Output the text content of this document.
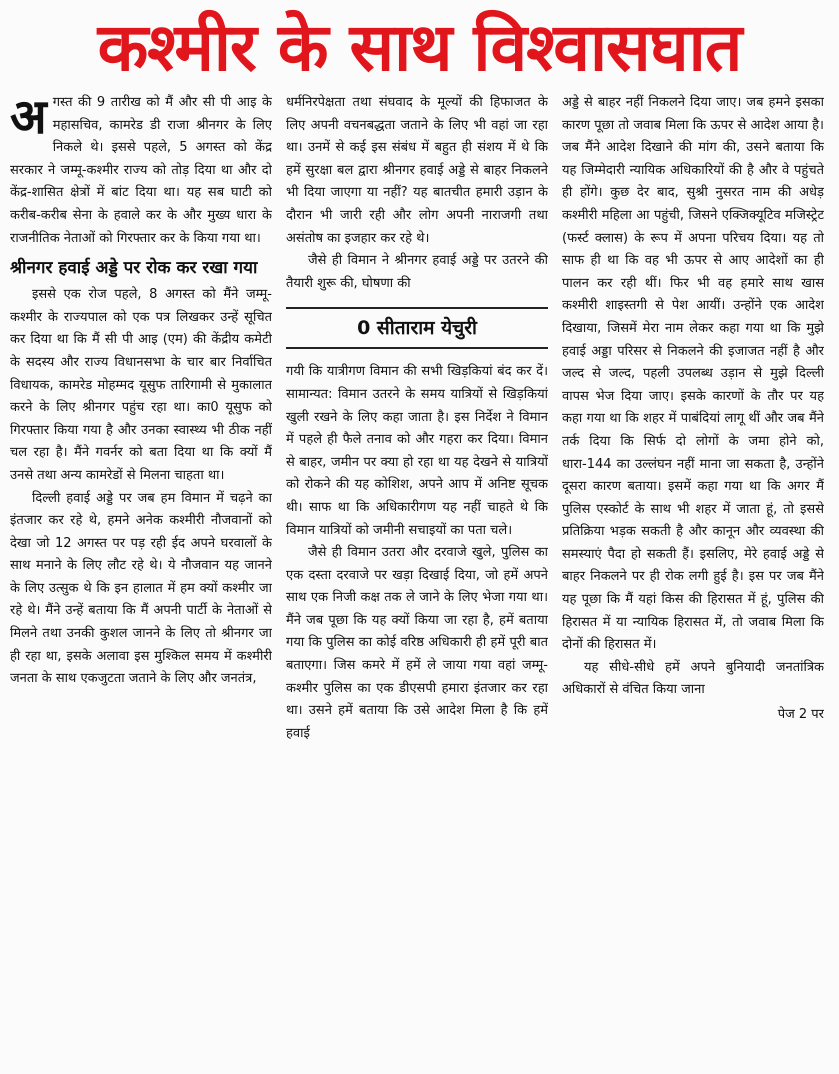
कश्मीर के साथ विश्वासघात

अगस्त की 9 तारीख को मैं और सी पी आइ के महासचिव, कामरेड डी राजा श्रीनगर के लिए निकले थे। इससे पहले, 5 अगस्त को केंद्र सरकार ने जम्मू-कश्मीर राज्य को तोड़ दिया था और दो केंद्र-शासित क्षेत्रों में बांट दिया था। यह सब घाटी को करीब-करीब सेना के हवाले कर के और मुख्य धारा के राजनीतिक नेताओं को गिरफ्तार कर के किया गया था।

श्रीनगर हवाई अड्डे पर रोक कर रखा गया

इससे एक रोज पहले, 8 अगस्त को मैंने जम्मू-कश्मीर के राज्यपाल को एक पत्र लिखकर उन्हें सूचित कर दिया था कि मैं सी पी आइ (एम) की केंद्रीय कमेटी के सदस्य और राज्य विधानसभा के चार बार निर्वाचित विधायक, कामरेड मोहम्मद यूसुफ तारिगामी से मुकालात करने के लिए श्रीनगर पहुंच रहा था। का0 यूसुफ को गिरफ्तार किया गया है और उनका स्वास्थ्य भी ठीक नहीं चल रहा है। मैंने गवर्नर को बता दिया था कि क्यों मैं उनसे तथा अन्य कामरेडों से मिलना चाहता था।

दिल्ली हवाई अड्डे पर जब हम विमान में चढ़ने का इंतजार कर रहे थे, हमने अनेक कश्मीरी नौजवानों को देखा जो 12 अगस्त पर पड़ रही ईद अपने घरवालों के साथ मनाने के लिए लौट रहे थे। ये नौजवान यह जानने के लिए उत्सुक थे कि इन हालात में हम क्यों कश्मीर जा रहे थे। मैंने उन्हें बताया कि मैं अपनी पार्टी के नेताओं से मिलने तथा उनकी कुशल जानने के लिए तो श्रीनगर जा ही रहा था, इसके अलावा इस मुश्किल समय में कश्मीरी जनता के साथ एकजुटता जताने के लिए और जनतंत्र,

धर्मनिरपेक्षता तथा संघवाद के मूल्यों की हिफाजत के लिए अपनी वचनबद्धता जताने के लिए भी वहां जा रहा था। उनमें से कई इस संबंध में बहुत ही संशय में थे कि हमें सुरक्षा बल द्वारा श्रीनगर हवाई अड्डे से बाहर निकलने भी दिया जाएगा या नहीं? यह बातचीत हमारी उड़ान के दौरान भी जारी रही और लोग अपनी नाराजगी तथा असंतोष का इजहार कर रहे थे।

जैसे ही विमान ने श्रीनगर हवाई अड्डे पर उतरने की तैयारी शुरू की, घोषणा की

0 सीताराम येचुरी

गयी कि यात्रीगण विमान की सभी खिड़कियां बंद कर दें। सामान्यत: विमान उतरने के समय यात्रियों से खिड़कियां खुली रखने के लिए कहा जाता है। इस निर्देश ने विमान में पहले ही फैले तनाव को और गहरा कर दिया। विमान से बाहर, जमीन पर क्या हो रहा था यह देखने से यात्रियों को रोकने की यह कोशिश, अपने आप में अनिष्ट सूचक थी। साफ था कि अधिकारीगण यह नहीं चाहते थे कि विमान यात्रियों को जमीनी सचाइयों का पता चले।

जैसे ही विमान उतरा और दरवाजे खुले, पुलिस का एक दस्ता दरवाजे पर खड़ा दिखाई दिया, जो हमें अपने साथ एक निजी कक्ष तक ले जाने के लिए भेजा गया था। मैंने जब पूछा कि यह क्यों किया जा रहा है, हमें बताया गया कि पुलिस का कोई वरिष्ठ अधिकारी ही हमें पूरी बात बताएगा। जिस कमरे में हमें ले जाया गया वहां जम्मू-कश्मीर पुलिस का एक डीएसपी हमारा इंतजार कर रहा था। उसने हमें बताया कि उसे आदेश मिला है कि हमें हवाई

अड्डे से बाहर नहीं निकलने दिया जाए। जब हमने इसका कारण पूछा तो जवाब मिला कि ऊपर से आदेश आया है। जब मैंने आदेश दिखाने की मांग की, उसने बताया कि यह जिम्मेदारी न्यायिक अधिकारियों की है और वे पहुंचते ही होंगे। कुछ देर बाद, सुश्री नुसरत नाम की अधेड़ कश्मीरी महिला आ पहुंची, जिसने एक्जिक्यूटिव मजिस्ट्रेट (फर्स्ट क्लास) के रूप में अपना परिचय दिया। यह तो साफ ही था कि वह भी ऊपर से आए आदेशों का ही पालन कर रही थीं। फिर भी वह हमारे साथ खास कश्मीरी शाइस्तगी से पेश आयीं। उन्होंने एक आदेश दिखाया, जिसमें मेरा नाम लेकर कहा गया था कि मुझे हवाई अड्डा परिसर से निकलने की इजाजत नहीं है और जल्द से जल्द, पहली उपलब्ध उड़ान से मुझे दिल्ली वापस भेज दिया जाए। इसके कारणों के तौर पर यह कहा गया था कि शहर में पाबंदियां लागू थीं और जब मैंने तर्क दिया कि सिर्फ दो लोगों के जमा होने को, धारा-144 का उल्लंघन नहीं माना जा सकता है, उन्होंने दूसरा कारण बताया। इसमें कहा गया था कि अगर मैं पुलिस एस्कोर्ट के साथ भी शहर में जाता हूं, तो इससे प्रतिक्रिया भड़क सकती है और कानून और व्यवस्था की समस्याएं पैदा हो सकती हैं। इसलिए, मेरे हवाई अड्डे से बाहर निकलने पर ही रोक लगी हुई है। इस पर जब मैंने यह पूछा कि मैं यहां किस की हिरासत में हूं, पुलिस की हिरासत में या न्यायिक हिरासत में, तो जवाब मिला कि दोनों की हिरासत में।

यह सीधे-सीधे हमें अपने बुनियादी जनतांत्रिक अधिकारों से वंचित किया जाना

पेज 2 पर
